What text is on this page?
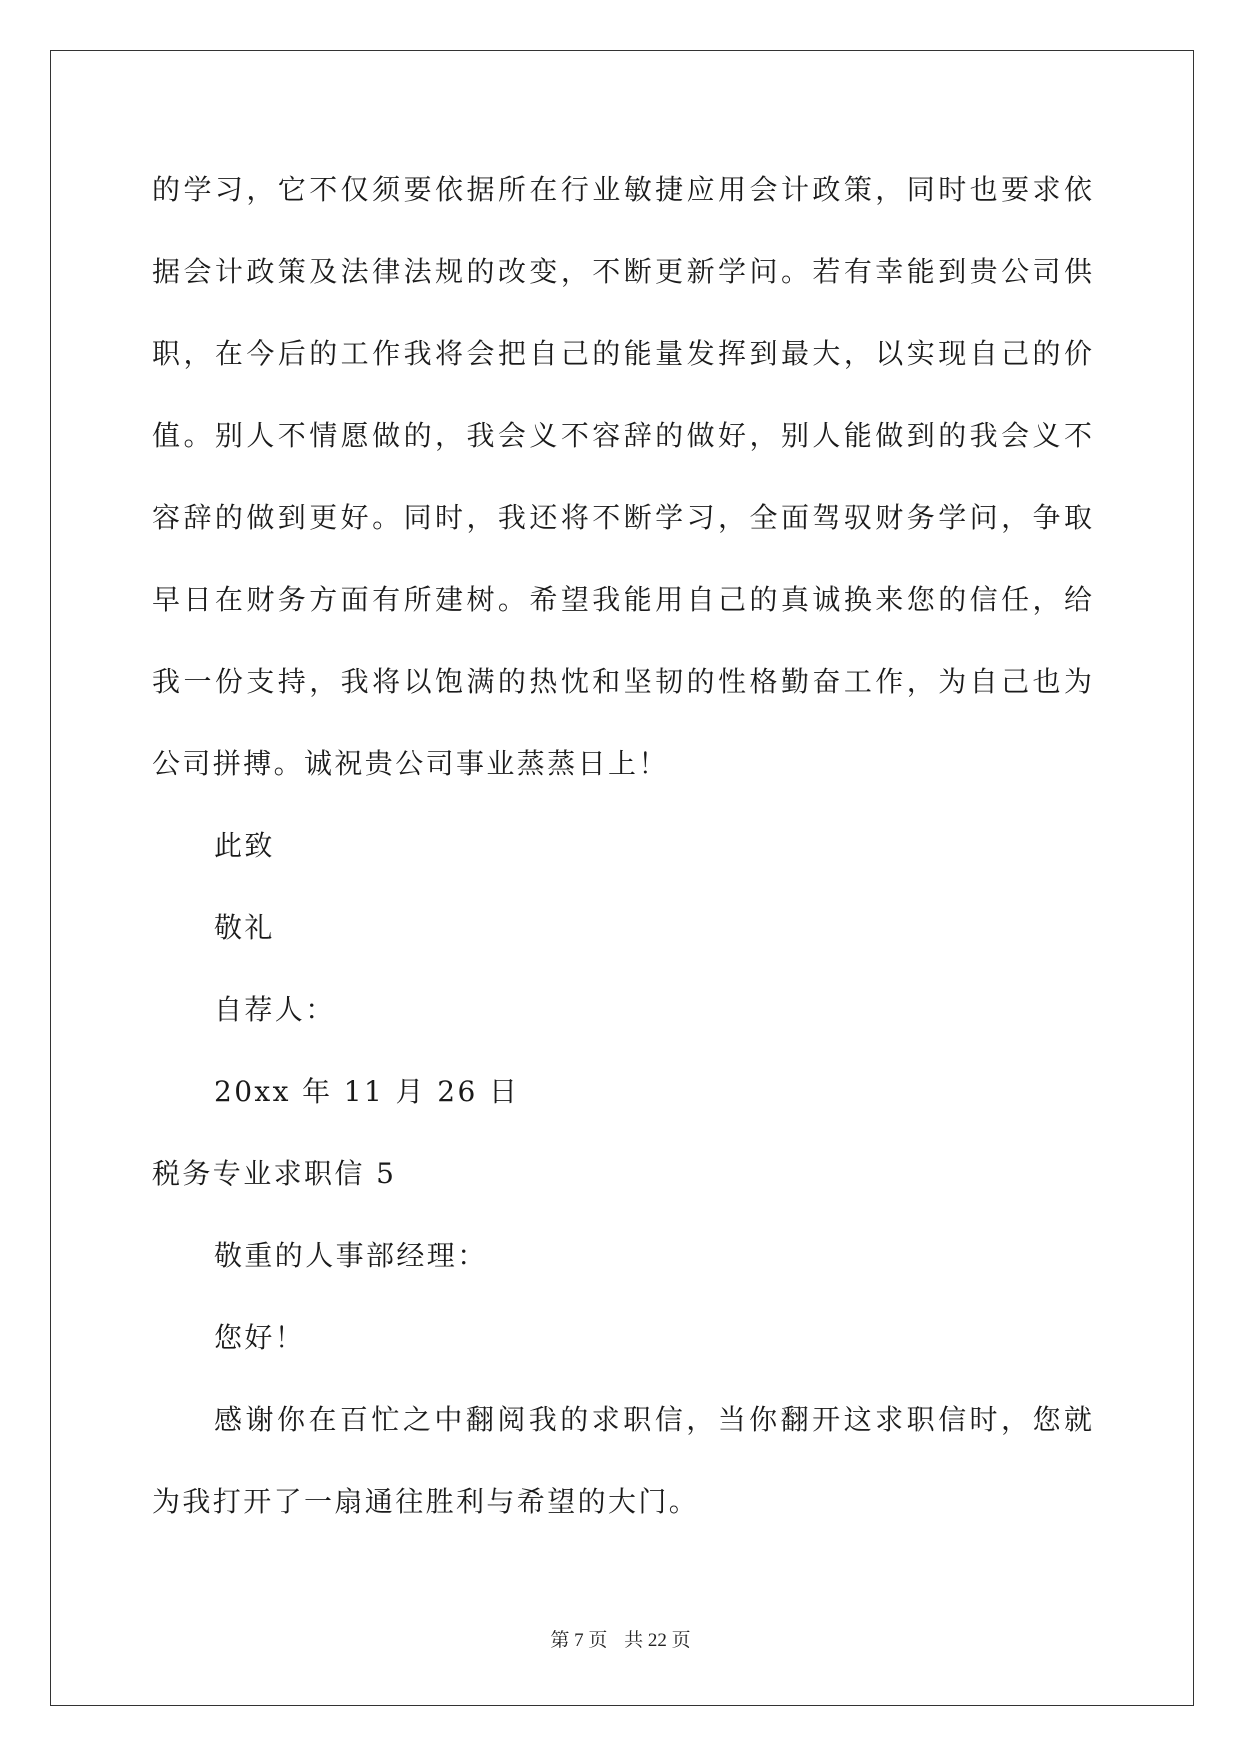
的学习，它不仅须要依据所在行业敏捷应用会计政策，同时也要求依
据会计政策及法律法规的改变，不断更新学问。若有幸能到贵公司供
职，在今后的工作我将会把自己的能量发挥到最大，以实现自己的价
值。别人不情愿做的，我会义不容辞的做好，别人能做到的我会义不
容辞的做到更好。同时，我还将不断学习，全面驾驭财务学问，争取
早日在财务方面有所建树。希望我能用自己的真诚换来您的信任，给
我一份支持，我将以饱满的热忱和坚韧的性格勤奋工作，为自己也为
公司拼搏。诚祝贵公司事业蒸蒸日上！
此致
敬礼
自荐人：
20xx 年 11 月 26 日
税务专业求职信 5
敬重的人事部经理：
您好！
感谢你在百忙之中翻阅我的求职信，当你翻开这求职信时，您就
为我打开了一扇通往胜利与希望的大门。
第 7 页 共 22 页
